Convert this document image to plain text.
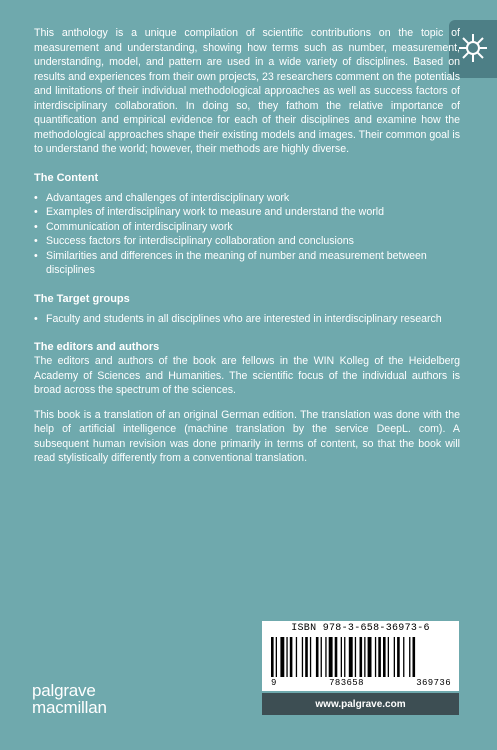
This anthology is a unique compilation of scientific contributions on the topic of measurement and understanding, showing how terms such as number, measurement, understanding, model, and pattern are used in a wide variety of disciplines. Based on results and experiences from their own projects, 23 researchers comment on the potentials and limitations of their individual methodological approaches as well as success factors of interdisciplinary collaboration. In doing so, they fathom the relative importance of quantification and empirical evidence for each of their disciplines and examine how the methodological approaches shape their existing models and images. Their common goal is to understand the world; however, their methods are highly diverse.

The Content

• Advantages and challenges of interdisciplinary work
• Examples of interdisciplinary work to measure and understand the world
• Communication of interdisciplinary work
• Success factors for interdisciplinary collaboration and conclusions
• Similarities and differences in the meaning of number and measurement between disciplines

The Target groups

• Faculty and students in all disciplines who are interested in interdisciplinary research

The editors and authors

The editors and authors of the book are fellows in the WIN Kolleg of the Heidelberg Academy of Sciences and Humanities. The scientific focus of the individual authors is broad across the spectrum of the sciences.

This book is a translation of an original German edition. The translation was done with the help of artificial intelligence (machine translation by the service DeepL. com). A subsequent human revision was done primarily in terms of content, so that the book will read stylistically differently from a conventional translation.

ISBN 978-3-658-36973-6
9	783658	369736
www.palgrave.com
palgrave
macmillan
